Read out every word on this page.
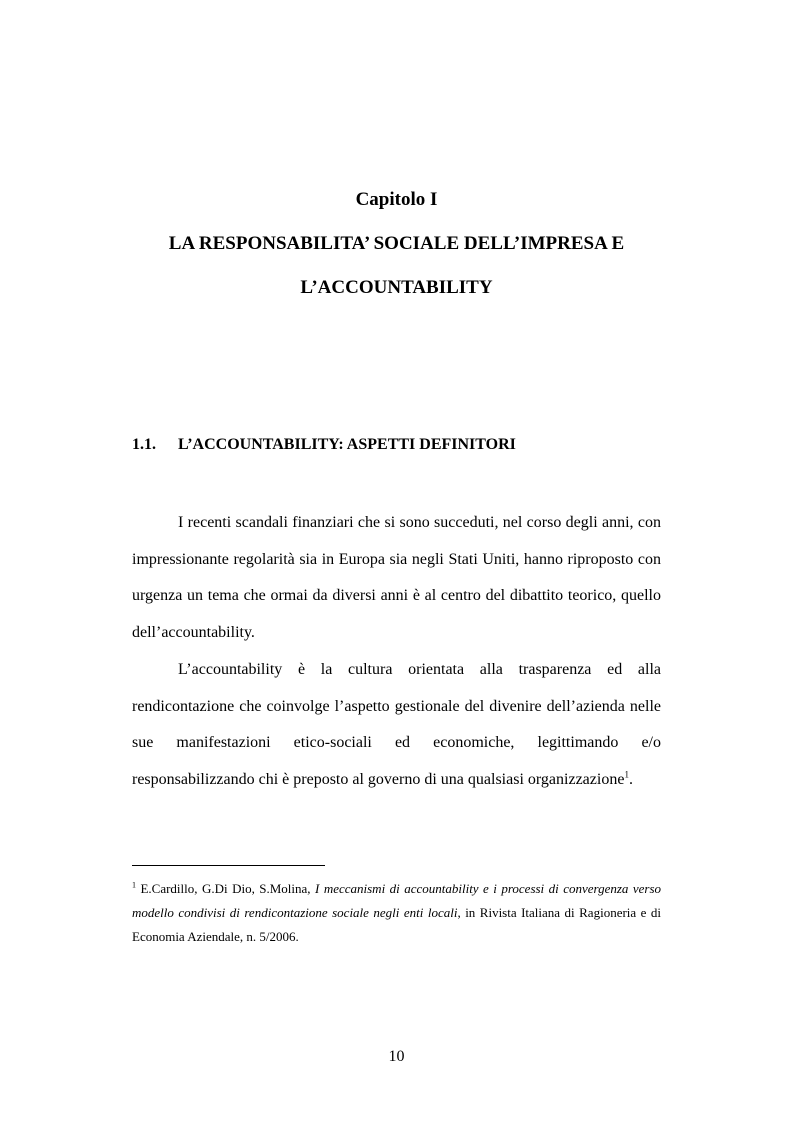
Capitolo I
LA RESPONSABILITA’ SOCIALE DELL’IMPRESA E
L’ACCOUNTABILITY
1.1. L’ACCOUNTABILITY: ASPETTI DEFINITORI

I recenti scandali finanziari che si sono succeduti, nel corso degli anni, con impressionante regolarità sia in Europa sia negli Stati Uniti, hanno riproposto con urgenza un tema che ormai da diversi anni è al centro del dibattito teorico, quello dell’accountability.

L’accountability è la cultura orientata alla trasparenza ed alla rendicontazione che coinvolge l’aspetto gestionale del divenire dell’azienda nelle sue manifestazioni etico-sociali ed economiche, legittimando e/o responsabilizzando chi è preposto al governo di una qualsiasi organizzazione$^1$.

$^1$ E.Cardillo, G.Di Dio, S.Molina, I meccanismi di accountability e i processi di convergenza verso modello condivisi di rendicontazione sociale negli enti locali, in Rivista Italiana di Ragioneria e di Economia Aziendale, n. 5/2006.

10
